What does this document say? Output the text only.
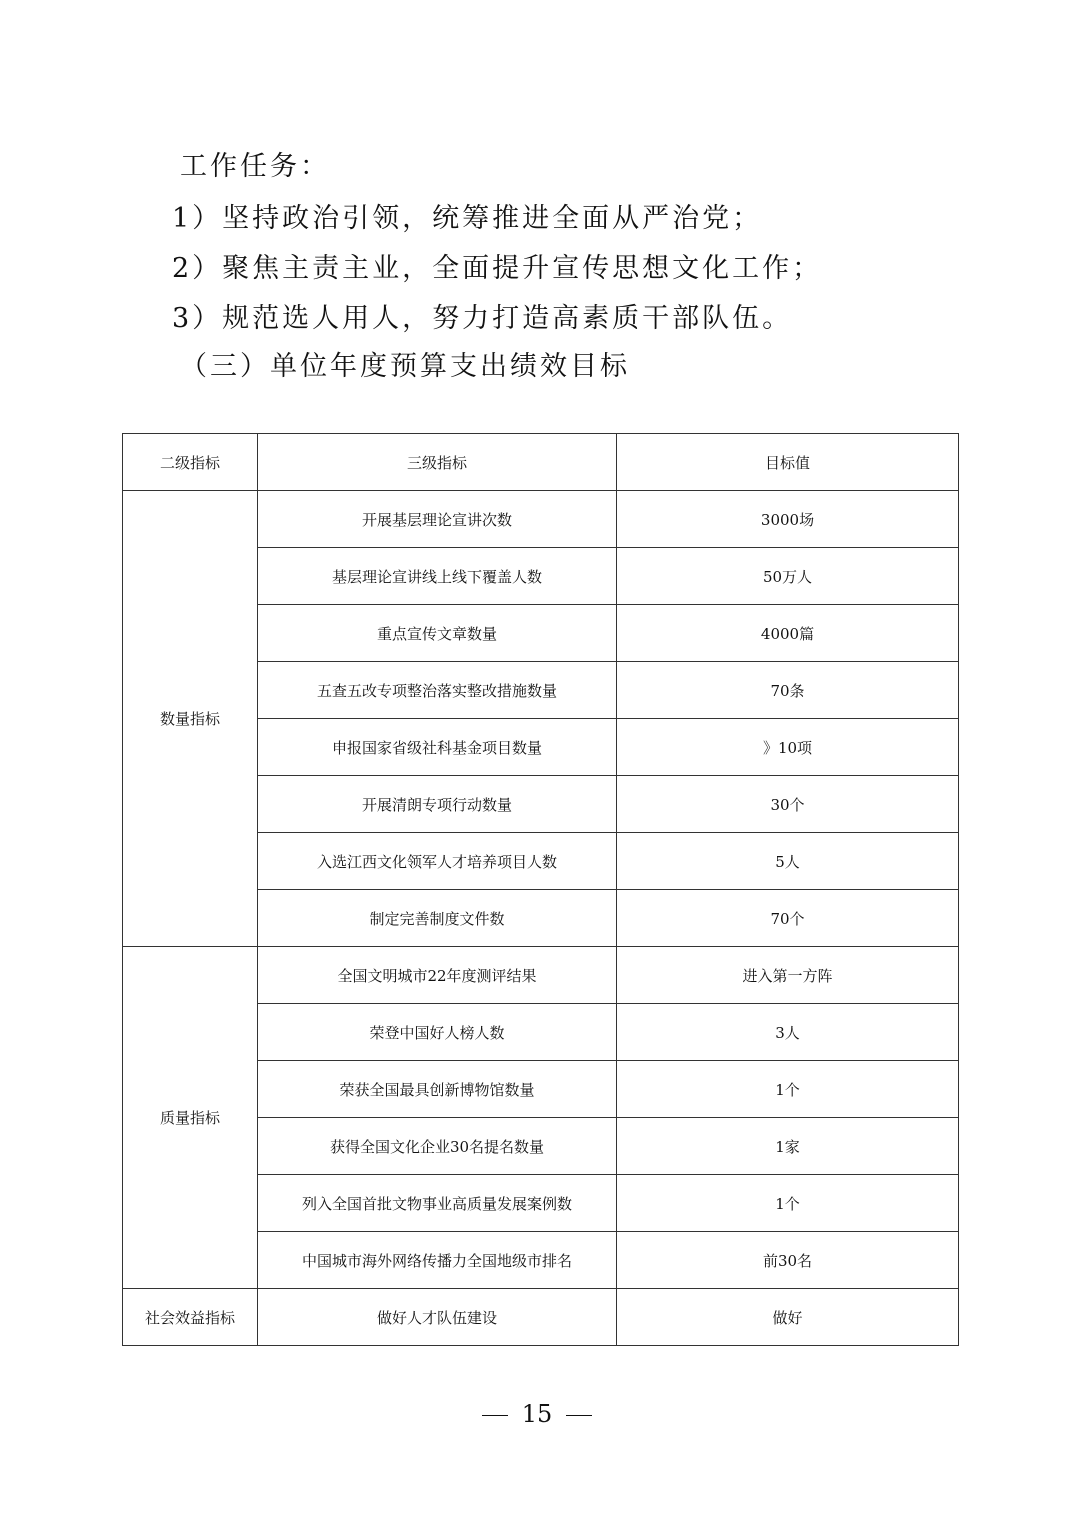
工作任务：
1）坚持政治引领，统筹推进全面从严治党；
2）聚焦主责主业，全面提升宣传思想文化工作；
3）规范选人用人，努力打造高素质干部队伍。
（三）单位年度预算支出绩效目标
二级指标	三级指标	目标值
数量指标	开展基层理论宣讲次数	3000场
	基层理论宣讲线上线下覆盖人数	50万人
	重点宣传文章数量	4000篇
	五查五改专项整治落实整改措施数量	70条
	申报国家省级社科基金项目数量	》10项
	开展清朗专项行动数量	30个
	入选江西文化领军人才培养项目人数	5人
	制定完善制度文件数	70个
质量指标	全国文明城市22年度测评结果	进入第一方阵
	荣登中国好人榜人数	3人
	荣获全国最具创新博物馆数量	1个
	获得全国文化企业30名提名数量	1家
	列入全国首批文物事业高质量发展案例数	1个
	中国城市海外网络传播力全国地级市排名	前30名
社会效益指标	做好人才队伍建设	做好
15
